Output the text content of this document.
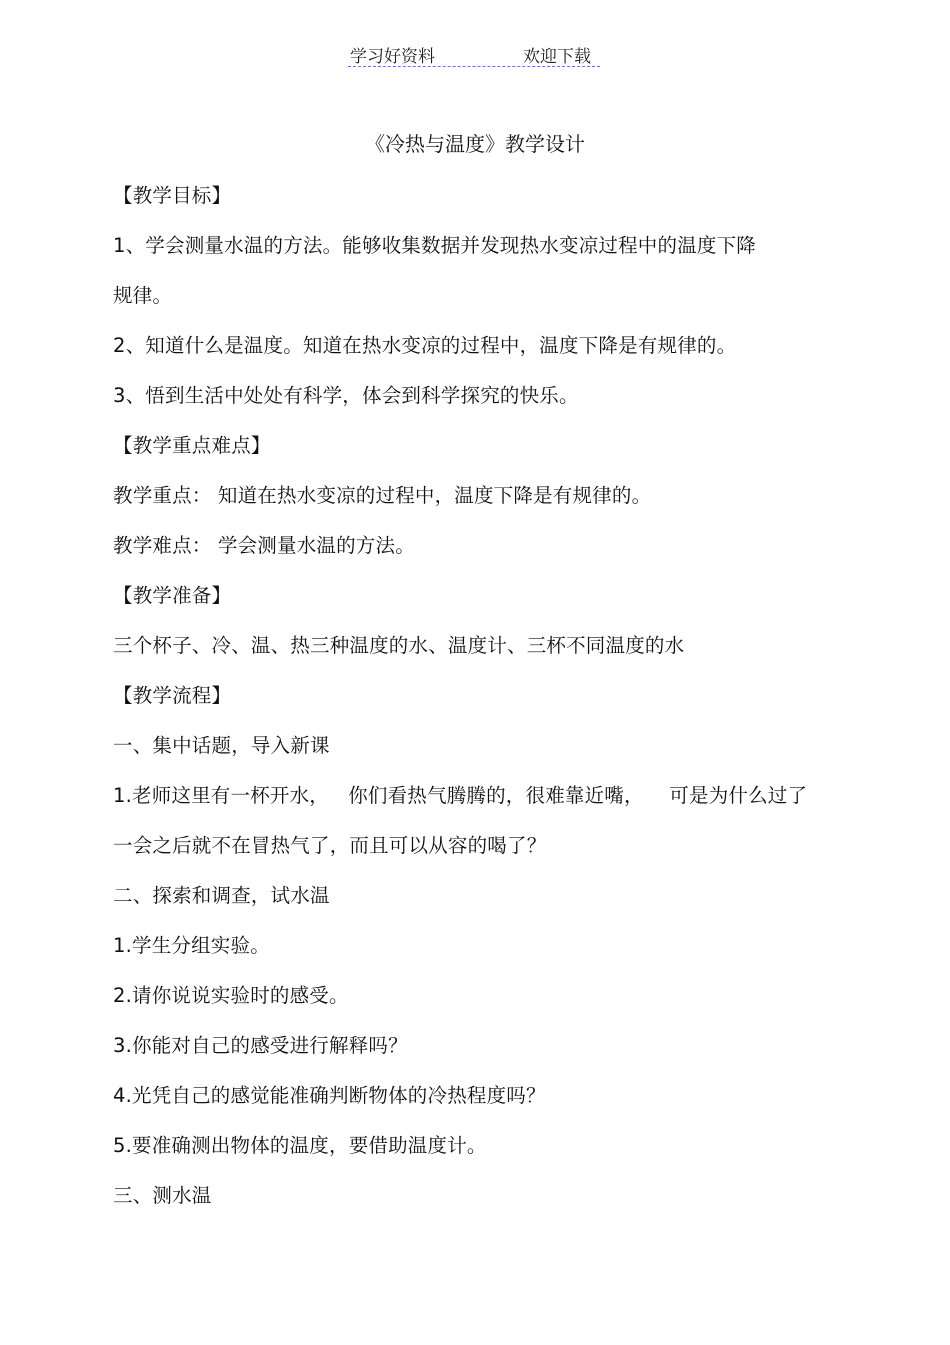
学习好资料	欢迎下载
《冷热与温度》教学设计
【教学目标】
1、学会测量水温的方法。能够收集数据并发现热水变凉过程中的温度下降
规律。
2、知道什么是温度。知道在热水变凉的过程中，温度下降是有规律的。
3、悟到生活中处处有科学，体会到科学探究的快乐。
【教学重点难点】
教学重点： 知道在热水变凉的过程中，温度下降是有规律的。
教学难点： 学会测量水温的方法。
【教学准备】
三个杯子、冷、温、热三种温度的水、温度计、三杯不同温度的水
【教学流程】
一、集中话题，导入新课
1.老师这里有一杯开水，   你们看热气腾腾的，很难靠近嘴，    可是为什么过了
一会之后就不在冒热气了，而且可以从容的喝了？
二、探索和调查，试水温
1.学生分组实验。
2.请你说说实验时的感受。
3.你能对自己的感受进行解释吗？
4.光凭自己的感觉能准确判断物体的冷热程度吗？
5.要准确测出物体的温度，要借助温度计。
三、测水温
